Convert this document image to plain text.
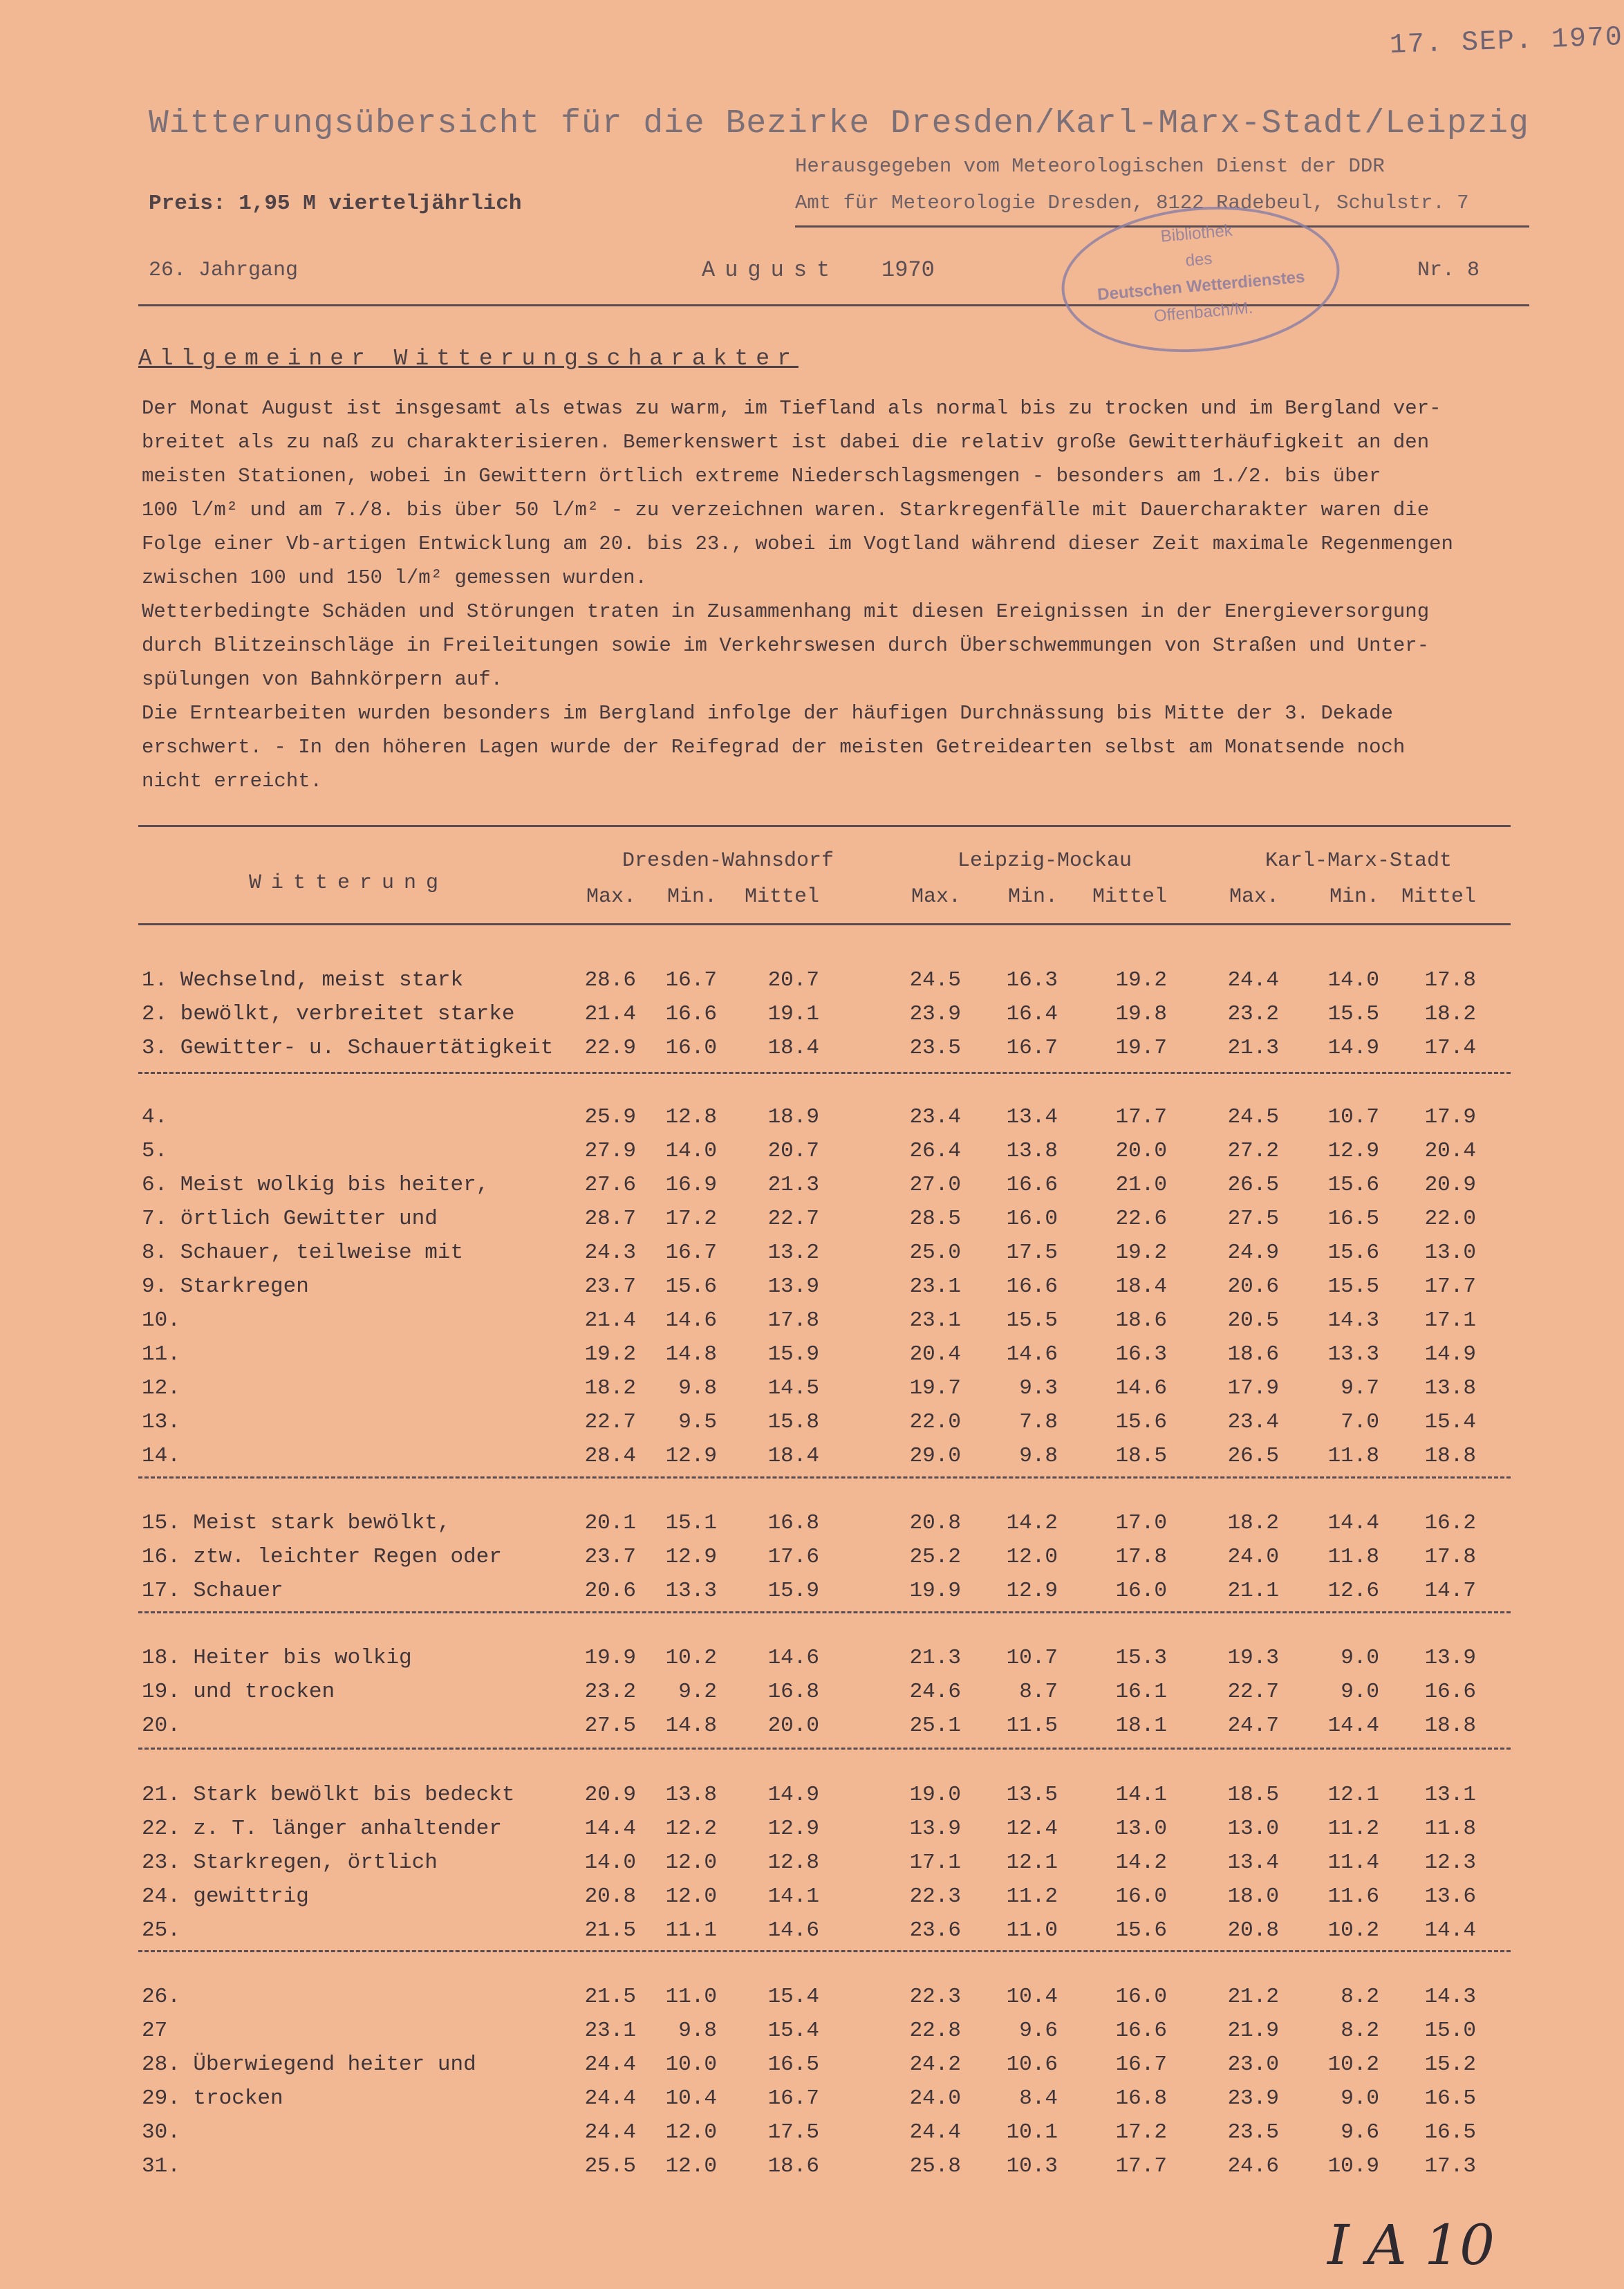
17. SEP. 1970
Witterungsübersicht für die Bezirke Dresden/Karl-Marx-Stadt/Leipzig
Herausgegeben vom Meteorologischen Dienst der DDR
Amt für Meteorologie Dresden, 8122 Radebeul, Schulstr. 7
Preis: 1,95 M vierteljährlich
26. Jahrgang	August 1970	Nr. 8
Bibliothek
des
Deutschen Wetterdienstes
Offenbach/M.
Allgemeiner Witterungscharakter
Der Monat August ist insgesamt als etwas zu warm, im Tiefland als normal bis zu trocken und im Bergland ver-
breitet als zu naß zu charakterisieren. Bemerkenswert ist dabei die relativ große Gewitterhäufigkeit an den
meisten Stationen, wobei in Gewittern örtlich extreme Niederschlagsmengen - besonders am 1./2. bis über
100 l/m² und am 7./8. bis über 50 l/m² - zu verzeichnen waren. Starkregenfälle mit Dauercharakter waren die
Folge einer Vb-artigen Entwicklung am 20. bis 23., wobei im Vogtland während dieser Zeit maximale Regenmengen
zwischen 100 und 150 l/m² gemessen wurden.
Wetterbedingte Schäden und Störungen traten in Zusammenhang mit diesen Ereignissen in der Energieversorgung
durch Blitzeinschläge in Freileitungen sowie im Verkehrswesen durch Überschwemmungen von Straßen und Unter-
spülungen von Bahnkörpern auf.
Die Erntearbeiten wurden besonders im Bergland infolge der häufigen Durchnässung bis Mitte der 3. Dekade
erschwert. - In den höheren Lagen wurde der Reifegrad der meisten Getreidearten selbst am Monatsende noch
nicht erreicht.
Witterung
Dresden-Wahnsdorf	Leipzig-Mockau	Karl-Marx-Stadt
Max.	Min.	Mittel	Max.	Min.	Mittel	Max.	Min.	Mittel
1. Wechselnd, meist stark	28.6	16.7	20.7	24.5	16.3	19.2	24.4	14.0	17.8
2. bewölkt, verbreitet starke	21.4	16.6	19.1	23.9	16.4	19.8	23.2	15.5	18.2
3. Gewitter- u. Schauertätigkeit	22.9	16.0	18.4	23.5	16.7	19.7	21.3	14.9	17.4
4.	25.9	12.8	18.9	23.4	13.4	17.7	24.5	10.7	17.9
5.	27.9	14.0	20.7	26.4	13.8	20.0	27.2	12.9	20.4
6. Meist wolkig bis heiter,	27.6	16.9	21.3	27.0	16.6	21.0	26.5	15.6	20.9
7. örtlich Gewitter und	28.7	17.2	22.7	28.5	16.0	22.6	27.5	16.5	22.0
8. Schauer, teilweise mit	24.3	16.7	13.2	25.0	17.5	19.2	24.9	15.6	13.0
9. Starkregen	23.7	15.6	13.9	23.1	16.6	18.4	20.6	15.5	17.7
10.	21.4	14.6	17.8	23.1	15.5	18.6	20.5	14.3	17.1
11.	19.2	14.8	15.9	20.4	14.6	16.3	18.6	13.3	14.9
12.	18.2	9.8	14.5	19.7	9.3	14.6	17.9	9.7	13.8
13.	22.7	9.5	15.8	22.0	7.8	15.6	23.4	7.0	15.4
14.	28.4	12.9	18.4	29.0	9.8	18.5	26.5	11.8	18.8
15. Meist stark bewölkt,	20.1	15.1	16.8	20.8	14.2	17.0	18.2	14.4	16.2
16. ztw. leichter Regen oder	23.7	12.9	17.6	25.2	12.0	17.8	24.0	11.8	17.8
17. Schauer	20.6	13.3	15.9	19.9	12.9	16.0	21.1	12.6	14.7
18. Heiter bis wolkig	19.9	10.2	14.6	21.3	10.7	15.3	19.3	9.0	13.9
19. und trocken	23.2	9.2	16.8	24.6	8.7	16.1	22.7	9.0	16.6
20.	27.5	14.8	20.0	25.1	11.5	18.1	24.7	14.4	18.8
21. Stark bewölkt bis bedeckt	20.9	13.8	14.9	19.0	13.5	14.1	18.5	12.1	13.1
22. z. T. länger anhaltender	14.4	12.2	12.9	13.9	12.4	13.0	13.0	11.2	11.8
23. Starkregen, örtlich	14.0	12.0	12.8	17.1	12.1	14.2	13.4	11.4	12.3
24. gewittrig	20.8	12.0	14.1	22.3	11.2	16.0	18.0	11.6	13.6
25.	21.5	11.1	14.6	23.6	11.0	15.6	20.8	10.2	14.4
26.	21.5	11.0	15.4	22.3	10.4	16.0	21.2	8.2	14.3
27	23.1	9.8	15.4	22.8	9.6	16.6	21.9	8.2	15.0
28. Überwiegend heiter und	24.4	10.0	16.5	24.2	10.6	16.7	23.0	10.2	15.2
29. trocken	24.4	10.4	16.7	24.0	8.4	16.8	23.9	9.0	16.5
30.	24.4	12.0	17.5	24.4	10.1	17.2	23.5	9.6	16.5
31.	25.5	12.0	18.6	25.8	10.3	17.7	24.6	10.9	17.3
I A 10
